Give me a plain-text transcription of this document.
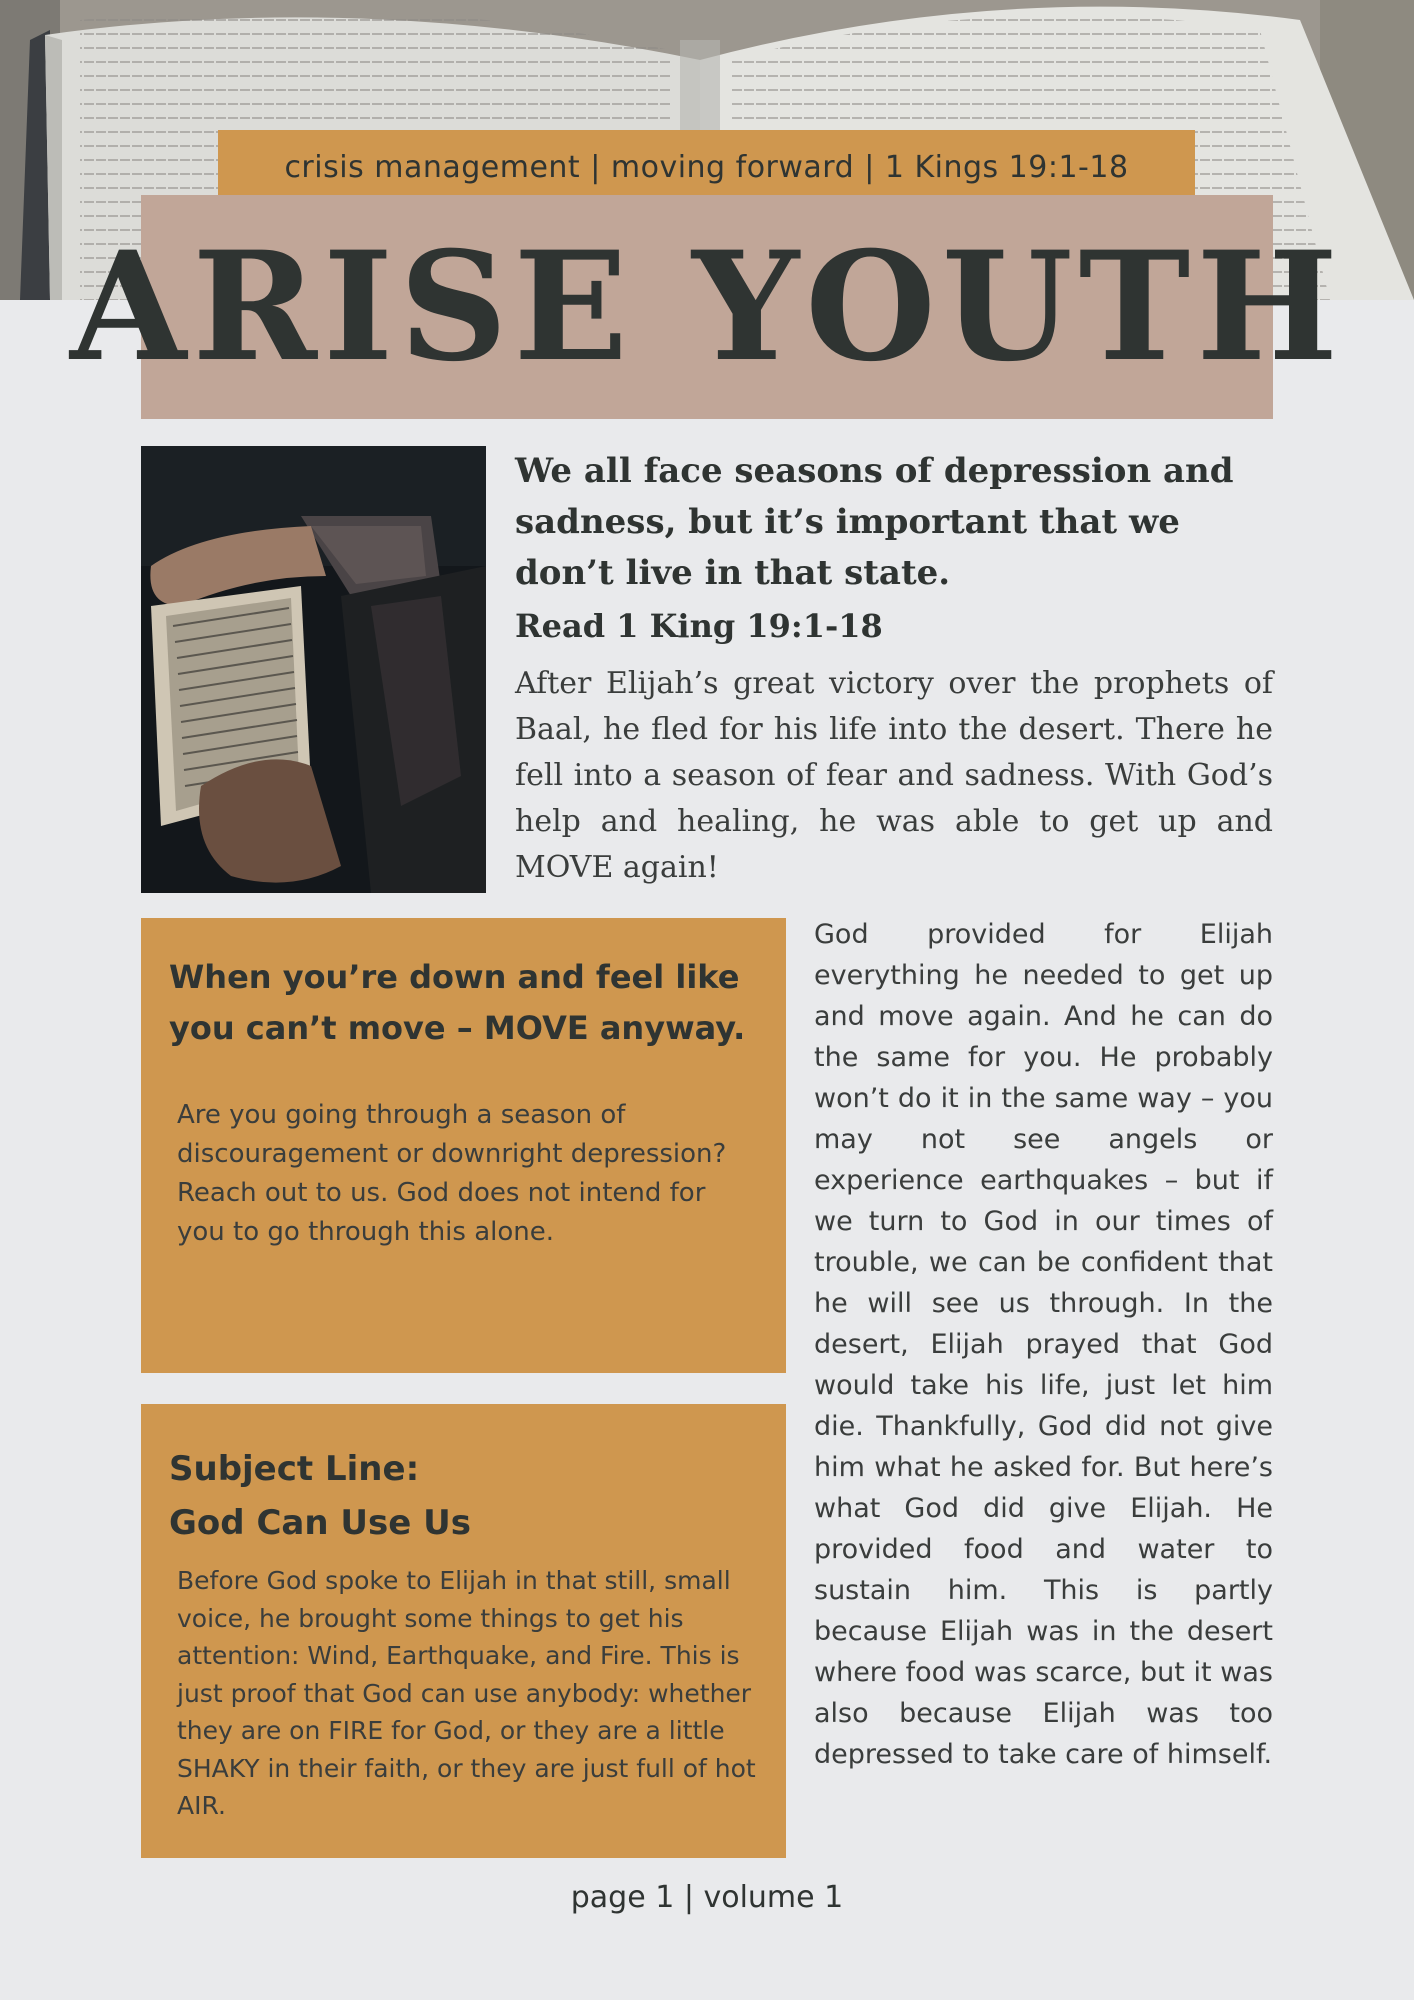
crisis management | moving forward | 1 Kings 19:1-18
ARISE YOUTH

We all face seasons of depression and sadness, but it’s important that we don’t live in that state.

Read 1 King 19:1-18

After Elijah’s great victory over the prophets of Baal, he fled for his life into the desert. There he fell into a season of fear and sadness. With God’s help and healing, he was able to get up and MOVE again!

When you’re down and feel like you can’t move – MOVE anyway.

Are you going through a season of discouragement or downright depression?

Reach out to us. God does not intend for you to go through this alone.

Subject Line:
God Can Use Us

Before God spoke to Elijah in that still, small voice, he brought some things to get his attention: Wind, Earthquake, and Fire. This is just proof that God can use anybody: whether they are on FIRE for God, or they are a little SHAKY in their faith, or they are just full of hot AIR.

God provided for Elijah everything he needed to get up and move again. And he can do the same for you. He probably won’t do it in the same way – you may not see angels or experience earthquakes – but if we turn to God in our times of trouble, we can be confident that he will see us through. In the desert, Elijah prayed that God would take his life, just let him die. Thankfully, God did not give him what he asked for. But here’s what God did give Elijah. He provided food and water to sustain him. This is partly because Elijah was in the desert where food was scarce, but it was also because Elijah was too depressed to take care of himself.

page 1 | volume 1
